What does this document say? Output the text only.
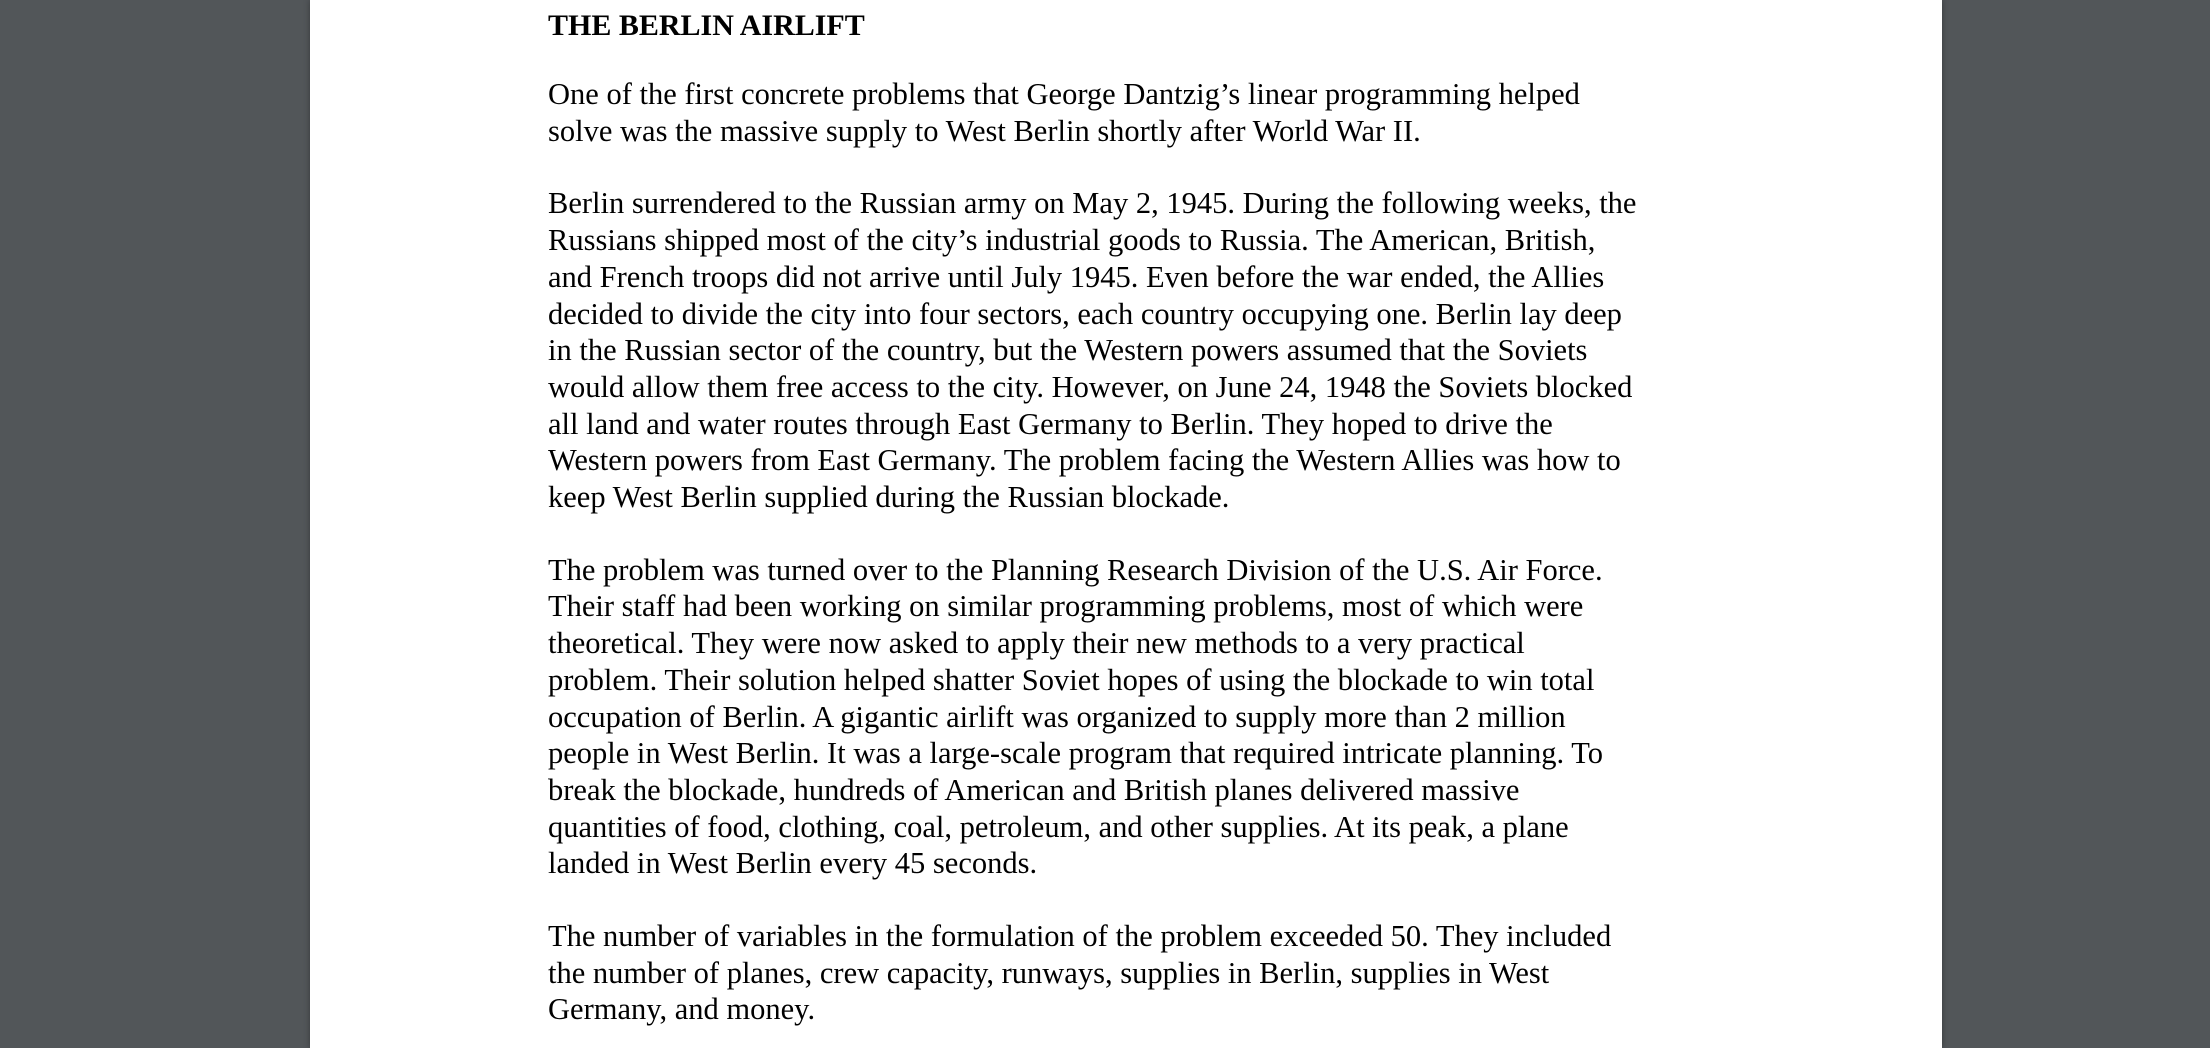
THE BERLIN AIRLIFT
One of the first concrete problems that George Dantzig’s linear programming helped
solve was the massive supply to West Berlin shortly after World War II.
Berlin surrendered to the Russian army on May 2, 1945. During the following weeks, the
Russians shipped most of the city’s industrial goods to Russia. The American, British,
and French troops did not arrive until July 1945. Even before the war ended, the Allies
decided to divide the city into four sectors, each country occupying one. Berlin lay deep
in the Russian sector of the country, but the Western powers assumed that the Soviets
would allow them free access to the city. However, on June 24, 1948 the Soviets blocked
all land and water routes through East Germany to Berlin. They hoped to drive the
Western powers from East Germany. The problem facing the Western Allies was how to
keep West Berlin supplied during the Russian blockade.
The problem was turned over to the Planning Research Division of the U.S. Air Force.
Their staff had been working on similar programming problems, most of which were
theoretical. They were now asked to apply their new methods to a very practical
problem. Their solution helped shatter Soviet hopes of using the blockade to win total
occupation of Berlin. A gigantic airlift was organized to supply more than 2 million
people in West Berlin. It was a large-scale program that required intricate planning. To
break the blockade, hundreds of American and British planes delivered massive
quantities of food, clothing, coal, petroleum, and other supplies. At its peak, a plane
landed in West Berlin every 45 seconds.
The number of variables in the formulation of the problem exceeded 50. They included
the number of planes, crew capacity, runways, supplies in Berlin, supplies in West
Germany, and money.
